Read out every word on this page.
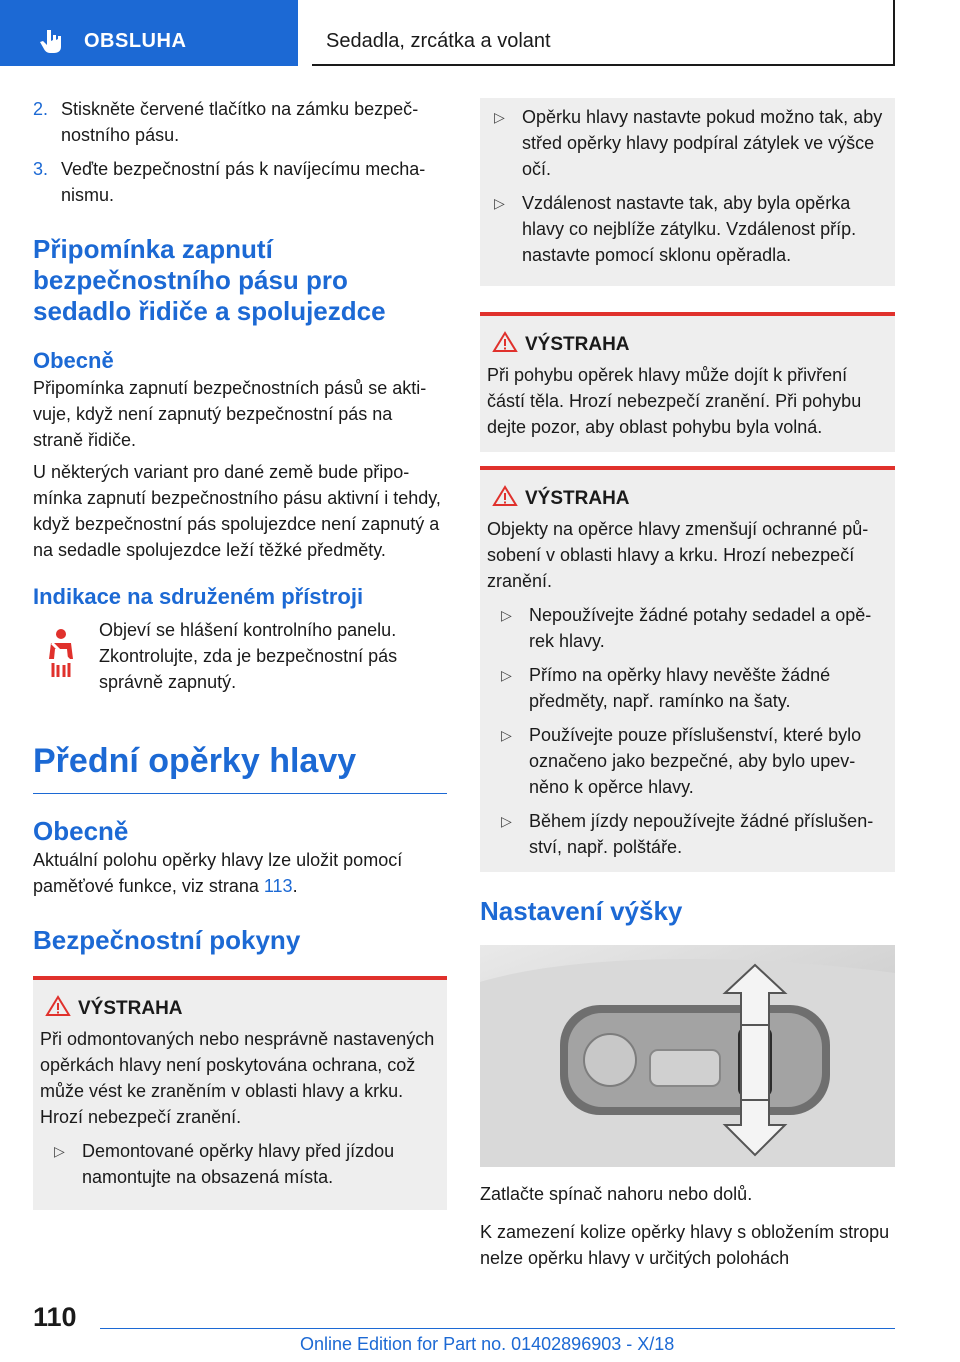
OBSLUHA	Sedadla, zrcátka a volant
2. Stiskněte červené tlačítko na zámku bezpečnostního pásu.
3. Veďte bezpečnostní pás k navíjecímu mechanismu.
Připomínka zapnutí bezpečnostního pásu pro sedadlo řidiče a spolujezdce
Obecně

Připomínka zapnutí bezpečnostních pásů se aktivuje, když není zapnutý bezpečnostní pás na straně řidiče.

U některých variant pro dané země bude připomínka zapnutí bezpečnostního pásu aktivní i tehdy, když bezpečnostní pás spolujezdce není zapnutý a na sedadle spolujezdce leží těžké předměty.

Indikace na sdruženém přístroji

Objeví se hlášení kontrolního panelu. Zkontrolujte, zda je bezpečnostní pás správně zapnutý.

Přední opěrky hlavy
Obecně

Aktuální polohu opěrky hlavy lze uložit pomocí paměťové funkce, viz strana 113.

Bezpečnostní pokyny
VÝSTRAHA

Při odmontovaných nebo nesprávně nastavených opěrkách hlavy není poskytována ochrana, což může vést ke zraněním v oblasti hlavy a krku. Hrozí nebezpečí zranění.

▷ Demontované opěrky hlavy před jízdou namontujte na obsazená místa.
▷ Opěrku hlavy nastavte pokud možno tak, aby střed opěrky hlavy podpíral zátylek ve výšce očí.
▷ Vzdálenost nastavte tak, aby byla opěrka hlavy co nejblíže zátylku. Vzdálenost příp. nastavte pomocí sklonu opěradla.
VÝSTRAHA

Při pohybu opěrek hlavy může dojít k přivření částí těla. Hrozí nebezpečí zranění. Při pohybu dejte pozor, aby oblast pohybu byla volná.

VÝSTRAHA

Objekty na opěrce hlavy zmenšují ochranné působení v oblasti hlavy a krku. Hrozí nebezpečí zranění.

▷ Nepoužívejte žádné potahy sedadel a opěrek hlavy.
▷ Přímo na opěrky hlavy nevěšte žádné předměty, např. ramínko na šaty.
▷ Používejte pouze příslušenství, které bylo označeno jako bezpečné, aby bylo upevněno k opěrce hlavy.
▷ Během jízdy nepoužívejte žádné příslušenství, např. polštáře.
Nastavení výšky

Zatlačte spínač nahoru nebo dolů.

K zamezení kolize opěrky hlavy s obložením stropu nelze opěrku hlavy v určitých polohách

110
Online Edition for Part no. 01402896903 - X/18
